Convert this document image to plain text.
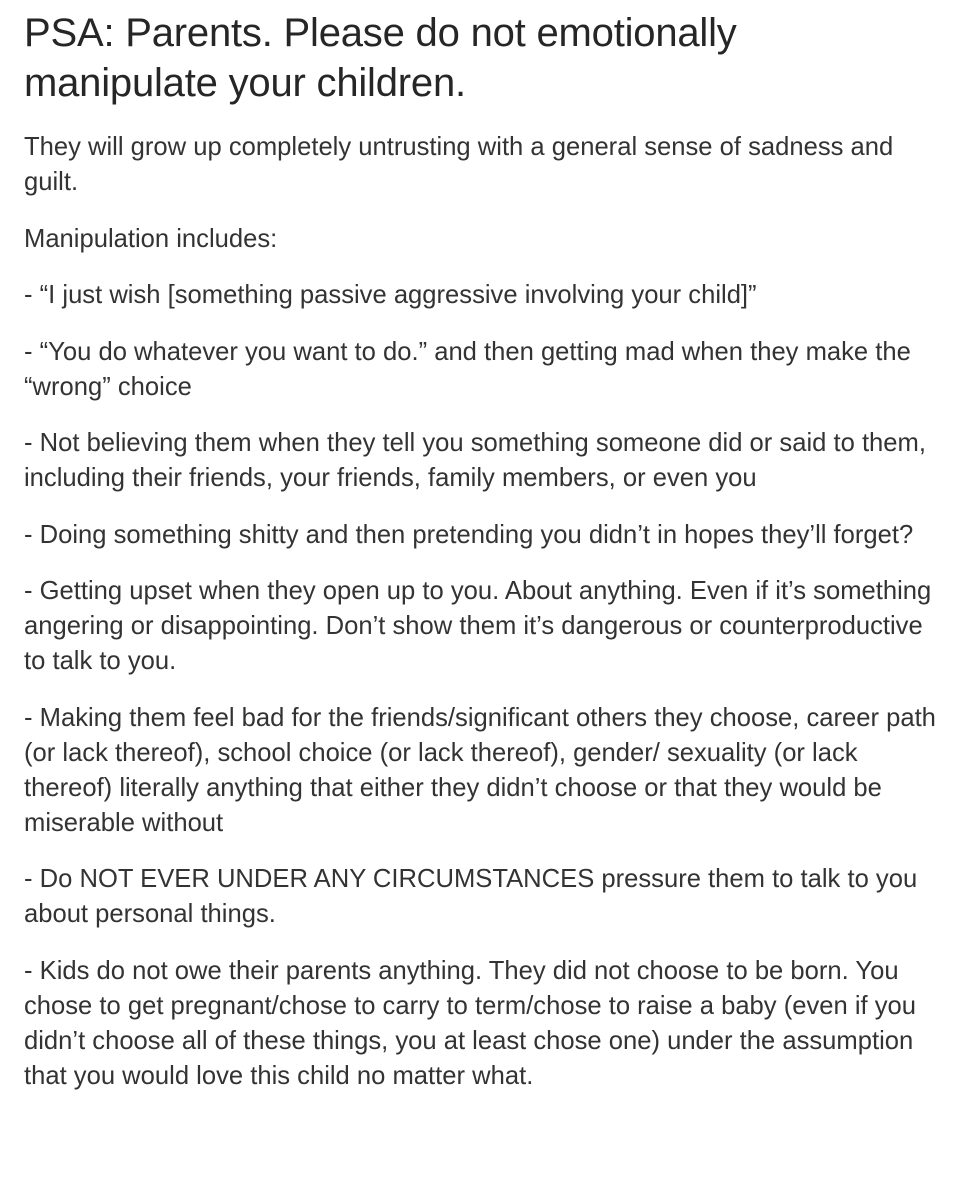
PSA: Parents. Please do not emotionally manipulate your children.

They will grow up completely untrusting with a general sense of sadness and guilt.

Manipulation includes:

- “I just wish [something passive aggressive involving your child]”

- “You do whatever you want to do.” and then getting mad when they make the “wrong” choice

- Not believing them when they tell you something someone did or said to them, including their friends, your friends, family members, or even you

- Doing something shitty and then pretending you didn’t in hopes they’ll forget?

- Getting upset when they open up to you. About anything. Even if it’s something angering or disappointing. Don’t show them it’s dangerous or counterproductive to talk to you.

- Making them feel bad for the friends/significant others they choose, career path (or lack thereof), school choice (or lack thereof), gender/ sexuality (or lack thereof) literally anything that either they didn’t choose or that they would be miserable without

- Do NOT EVER UNDER ANY CIRCUMSTANCES pressure them to talk to you about personal things.

- Kids do not owe their parents anything. They did not choose to be born. You chose to get pregnant/chose to carry to term/chose to raise a baby (even if you didn’t choose all of these things, you at least chose one) under the assumption that you would love this child no matter what.
